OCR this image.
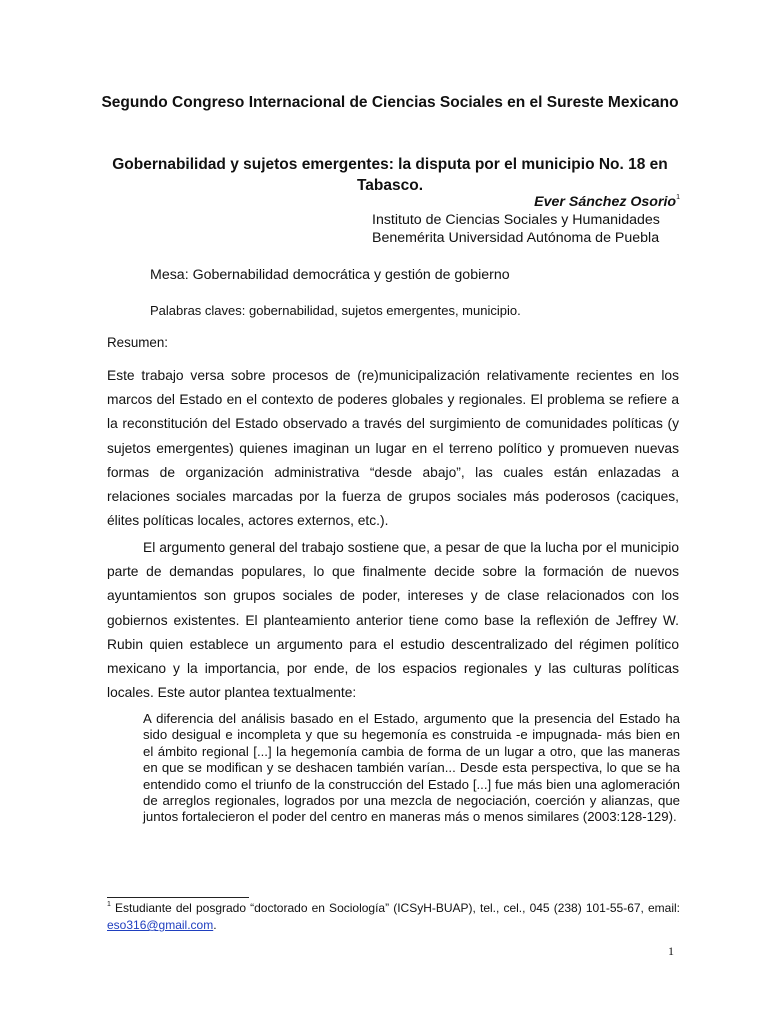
Segundo Congreso Internacional de Ciencias Sociales en el Sureste Mexicano
Gobernabilidad y sujetos emergentes: la disputa por el municipio No. 18 en Tabasco.
Ever Sánchez Osorio$^1$
Instituto de Ciencias Sociales y Humanidades
Benemérita Universidad Autónoma de Puebla
Mesa: Gobernabilidad democrática y gestión de gobierno
Palabras claves: gobernabilidad, sujetos emergentes, municipio.
Resumen:

Este trabajo versa sobre procesos de (re)municipalización relativamente recientes en los marcos del Estado en el contexto de poderes globales y regionales. El problema se refiere a la reconstitución del Estado observado a través del surgimiento de comunidades políticas (y sujetos emergentes) quienes imaginan un lugar en el terreno político y promueven nuevas formas de organización administrativa “desde abajo”, las cuales están enlazadas a relaciones sociales marcadas por la fuerza de grupos sociales más poderosos (caciques, élites políticas locales, actores externos, etc.).

El argumento general del trabajo sostiene que, a pesar de que la lucha por el municipio parte de demandas populares, lo que finalmente decide sobre la formación de nuevos ayuntamientos son grupos sociales de poder, intereses y de clase relacionados con los gobiernos existentes. El planteamiento anterior tiene como base la reflexión de Jeffrey W. Rubin quien establece un argumento para el estudio descentralizado del régimen político mexicano y la importancia, por ende, de los espacios regionales y las culturas políticas locales. Este autor plantea textualmente:

A diferencia del análisis basado en el Estado, argumento que la presencia del Estado ha sido desigual e incompleta y que su hegemonía es construida -e impugnada- más bien en el ámbito regional [...] la hegemonía cambia de forma de un lugar a otro, que las maneras en que se modifican y se deshacen también varían... Desde esta perspectiva, lo que se ha entendido como el triunfo de la construcción del Estado [...] fue más bien una aglomeración de arreglos regionales, logrados por una mezcla de negociación, coerción y alianzas, que juntos fortalecieron el poder del centro en maneras más o menos similares (2003:128-129).

$^1$ Estudiante del posgrado “doctorado en Sociología” (ICSyH-BUAP), tel., cel., 045 (238) 101-55-67, email: eso316@gmail.com.

1
